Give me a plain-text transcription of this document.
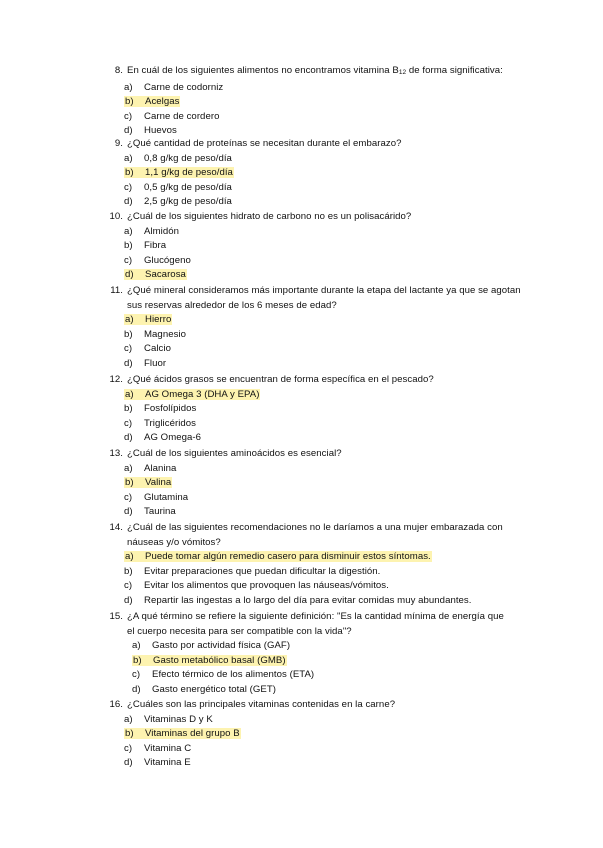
8. En cuál de los siguientes alimentos no encontramos vitamina $B_{12}$ de forma significativa:
a) Carne de codorniz
b) Acelgas
c) Carne de cordero
d) Huevos
9. ¿Qué cantidad de proteínas se necesitan durante el embarazo?
a) 0,8 g/kg de peso/día
b) 1,1 g/kg de peso/día
c) 0,5 g/kg de peso/día
d) 2,5 g/kg de peso/día
10. ¿Cuál de los siguientes hidrato de carbono no es un polisacárido?
a) Almidón
b) Fibra
c) Glucógeno
d) Sacarosa
11. ¿Qué mineral consideramos más importante durante la etapa del lactante ya que se agotan sus reservas alrededor de los 6 meses de edad?
a) Hierro
b) Magnesio
c) Calcio
d) Fluor
12. ¿Qué ácidos grasos se encuentran de forma específica en el pescado?
a) AG Omega 3 (DHA y EPA)
b) Fosfolípidos
c) Triglicéridos
d) AG Omega-6
13. ¿Cuál de los siguientes aminoácidos es esencial?
a) Alanina
b) Valina
c) Glutamina
d) Taurina
14. ¿Cuál de las siguientes recomendaciones no le daríamos a una mujer embarazada con náuseas y/o vómitos?
a) Puede tomar algún remedio casero para disminuir estos síntomas.
b) Evitar preparaciones que puedan dificultar la digestión.
c) Evitar los alimentos que provoquen las náuseas/vómitos.
d) Repartir las ingestas a lo largo del día para evitar comidas muy abundantes.
15. ¿A qué término se refiere la siguiente definición: "Es la cantidad mínima de energía que el cuerpo necesita para ser compatible con la vida"?
a) Gasto por actividad física (GAF)
b) Gasto metabólico basal (GMB)
c) Efecto térmico de los alimentos (ETA)
d) Gasto energético total (GET)
16. ¿Cuáles son las principales vitaminas contenidas en la carne?
a) Vitaminas D y K
b) Vitaminas del grupo B
c) Vitamina C
d) Vitamina E
